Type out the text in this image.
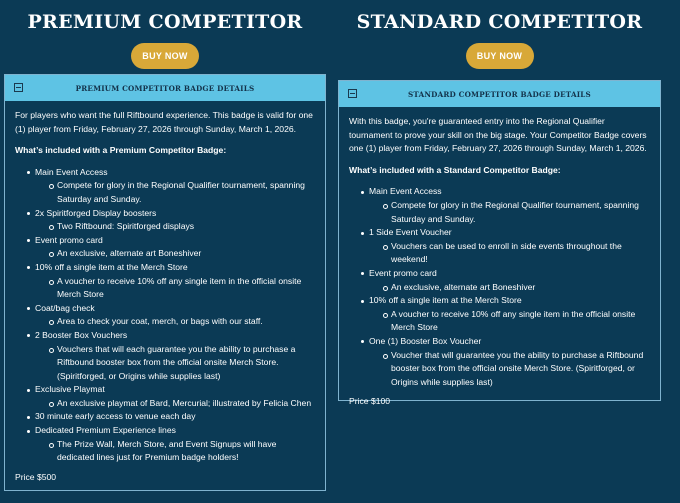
PREMIUM COMPETITOR
BUY NOW
PREMIUM COMPETITOR BADGE DETAILS

For players who want the full Riftbound experience. This badge is valid for one (1) player from Friday, February 27, 2026 through Sunday, March 1, 2026.

What’s included with a Premium Competitor Badge:
Main Event Access
Compete for glory in the Regional Qualifier tournament, spanning Saturday and Sunday.
2x Spiritforged Display boosters
Two Riftbound: Spiritforged displays
Event promo card
An exclusive, alternate art Boneshiver
10% off a single item at the Merch Store
A voucher to receive 10% off any single item in the official onsite Merch Store
Coat/bag check
Area to check your coat, merch, or bags with our staff.
2 Booster Box Vouchers
Vouchers that will each guarantee you the ability to purchase a Riftbound booster box from the official onsite Merch Store. (Spiritforged, or Origins while supplies last)
Exclusive Playmat
An exclusive playmat of Bard, Mercurial; illustrated by Felicia Chen
30 minute early access to venue each day
Dedicated Premium Experience lines
The Prize Wall, Merch Store, and Event Signups will have dedicated lines just for Premium badge holders!
Price $500
STANDARD COMPETITOR
BUY NOW
STANDARD COMPETITOR BADGE DETAILS

With this badge, you're guaranteed entry into the Regional Qualifier tournament to prove your skill on the big stage. Your Competitor Badge covers one (1) player from Friday, February 27, 2026 through Sunday, March 1, 2026.

What’s included with a Standard Competitor Badge:
Main Event Access
Compete for glory in the Regional Qualifier tournament, spanning Saturday and Sunday.
1 Side Event Voucher
Vouchers can be used to enroll in side events throughout the weekend!
Event promo card
An exclusive, alternate art Boneshiver
10% off a single item at the Merch Store
A voucher to receive 10% off any single item in the official onsite Merch Store
One (1) Booster Box Voucher
Voucher that will guarantee you the ability to purchase a Riftbound booster box from the official onsite Merch Store. (Spiritforged, or Origins while supplies last)
Price $100
